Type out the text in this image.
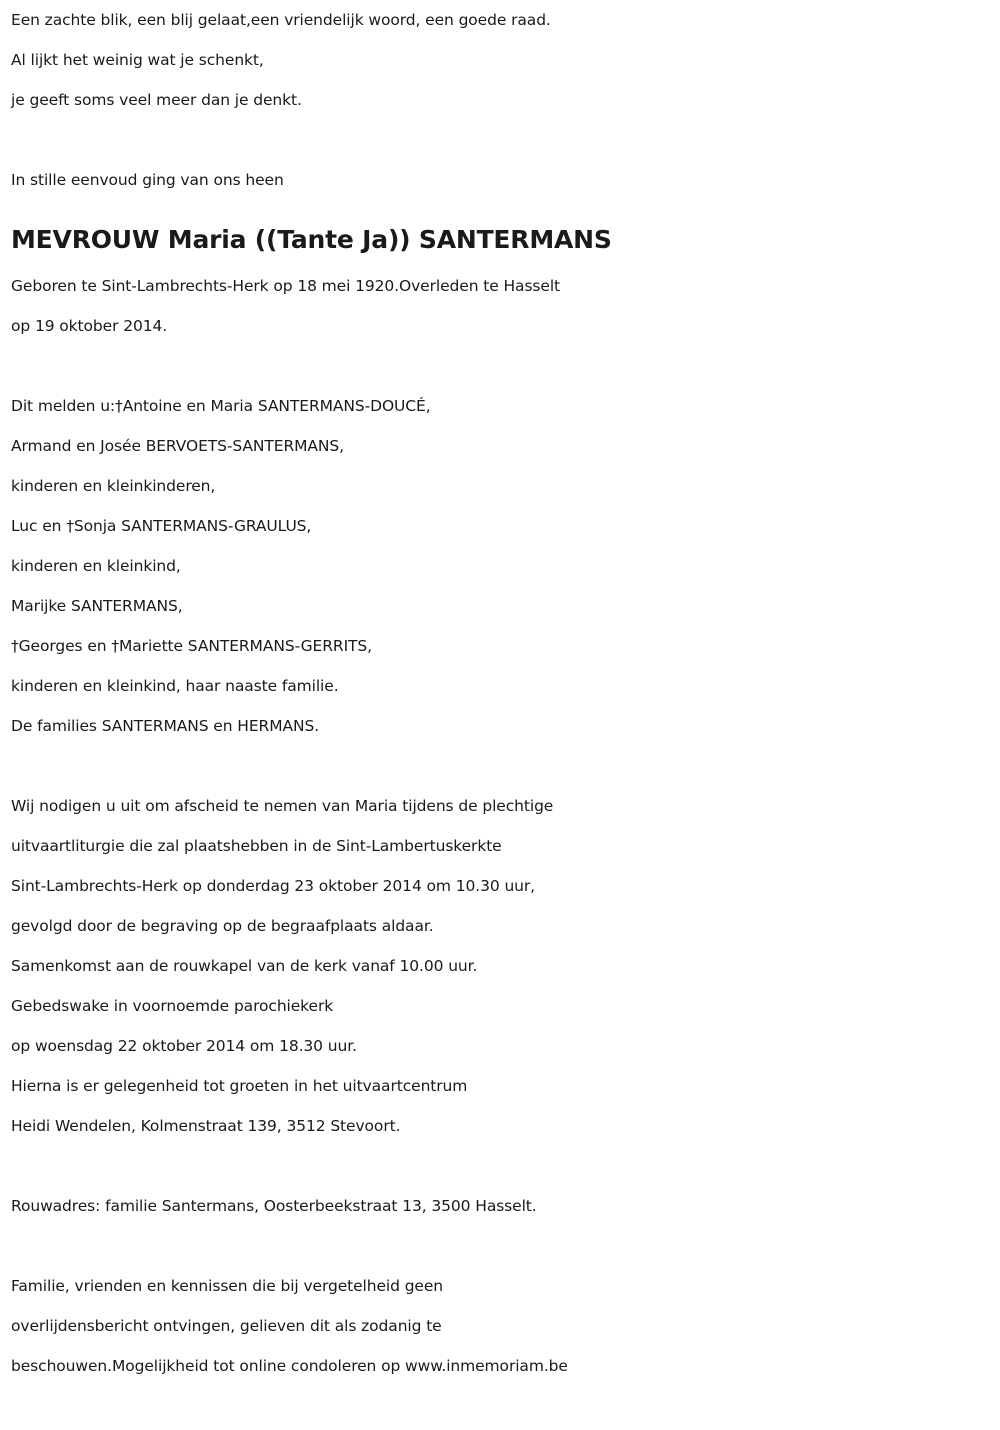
Een zachte blik, een blij gelaat,een vriendelijk woord, een goede raad.
Al lijkt het weinig wat je schenkt,
je geeft soms veel meer dan je denkt.
In stille eenvoud ging van ons heen
MEVROUW Maria ((Tante Ja)) SANTERMANS
Geboren te Sint-Lambrechts-Herk op 18 mei 1920.Overleden te Hasselt
op 19 oktober 2014.
Dit melden u:†Antoine en Maria SANTERMANS-DOUCÉ,
Armand en Josée BERVOETS-SANTERMANS,
kinderen en kleinkinderen,
Luc en †Sonja SANTERMANS-GRAULUS,
kinderen en kleinkind,
Marijke SANTERMANS,
†Georges en †Mariette SANTERMANS-GERRITS,
kinderen en kleinkind, haar naaste familie.
De families SANTERMANS en HERMANS.
Wij nodigen u uit om afscheid te nemen van Maria tijdens de plechtige
uitvaartliturgie die zal plaatshebben in de Sint-Lambertuskerkte
Sint-Lambrechts-Herk op donderdag 23 oktober 2014 om 10.30 uur,
gevolgd door de begraving op de begraafplaats aldaar.
Samenkomst aan de rouwkapel van de kerk vanaf 10.00 uur.
Gebedswake in voornoemde parochiekerk
op woensdag 22 oktober 2014 om 18.30 uur.
Hierna is er gelegenheid tot groeten in het uitvaartcentrum
Heidi Wendelen, Kolmenstraat 139, 3512 Stevoort.
Rouwadres: familie Santermans, Oosterbeekstraat 13, 3500 Hasselt.
Familie, vrienden en kennissen die bij vergetelheid geen
overlijdensbericht ontvingen, gelieven dit als zodanig te
beschouwen.Mogelijkheid tot online condoleren op www.inmemoriam.be
